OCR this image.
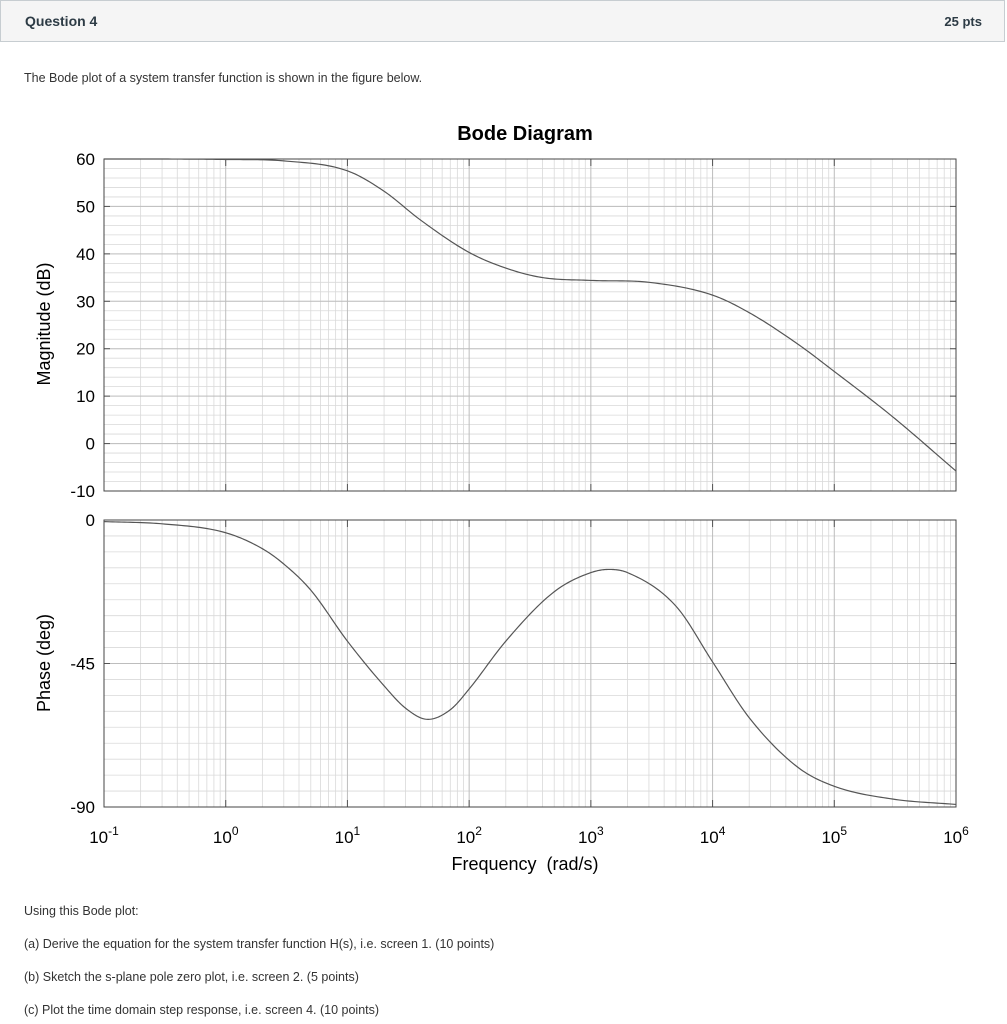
Question 4	25 pts
The Bode plot of a system transfer function is shown in the figure below.
Bode Diagram
60
50
40
30
20
10
0
-10
0
-45
-90
$10^{-1}$	$10^0$	$10^1$	$10^2$	$10^3$	$10^4$	$10^5$	$10^6$
Magnitude (dB)
Phase (deg)
Frequency  (rad/s)
Using this Bode plot:
(a) Derive the equation for the system transfer function H(s), i.e. screen 1. (10 points)
(b) Sketch the s-plane pole zero plot, i.e. screen 2. (5 points)
(c) Plot the time domain step response, i.e. screen 4. (10 points)
